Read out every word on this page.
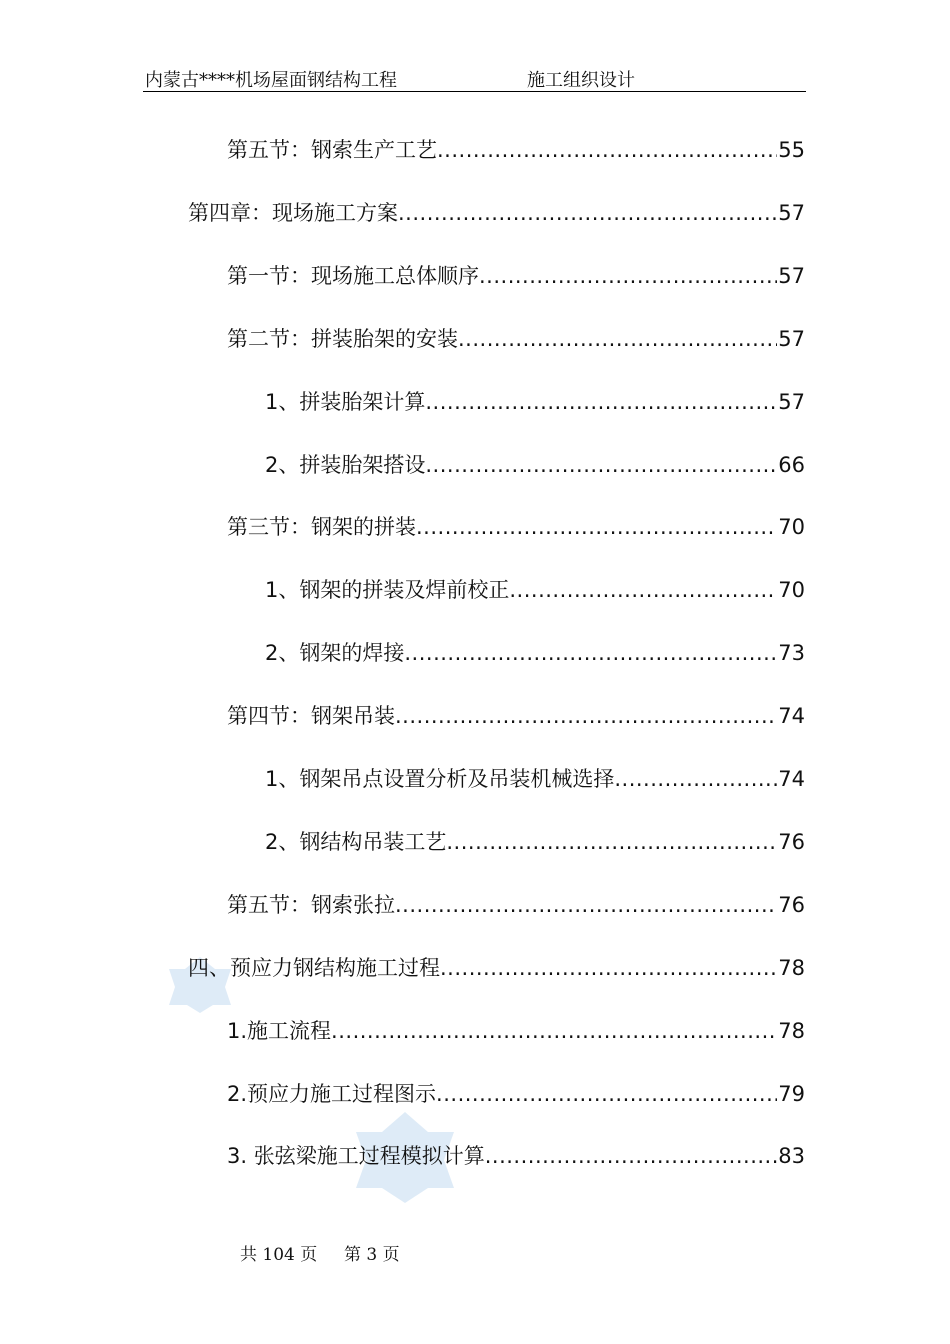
内蒙古****机场屋面钢结构工程	施工组织设计
第五节：钢索生产工艺 .....	55
第四章：现场施工方案 .....	57
第一节：现场施工总体顺序 .....	57
第二节：拼装胎架的安装 .....	57
1、拼装胎架计算 .....	57
2、拼装胎架搭设 .....	66
第三节：钢架的拼装 .....	70
1、钢架的拼装及焊前校正 .....	70
2、钢架的焊接 .....	73
第四节：钢架吊装 .....	74
1、钢架吊点设置分析及吊装机械选择 .....	74
2、钢结构吊装工艺 .....	76
第五节：钢索张拉 .....	76
四、预应力钢结构施工过程 .....	78
1.施工流程 .....	78
2.预应力施工过程图示 .....	79
3. 张弦梁施工过程模拟计算 .....	83
共 104 页 第 3 页
